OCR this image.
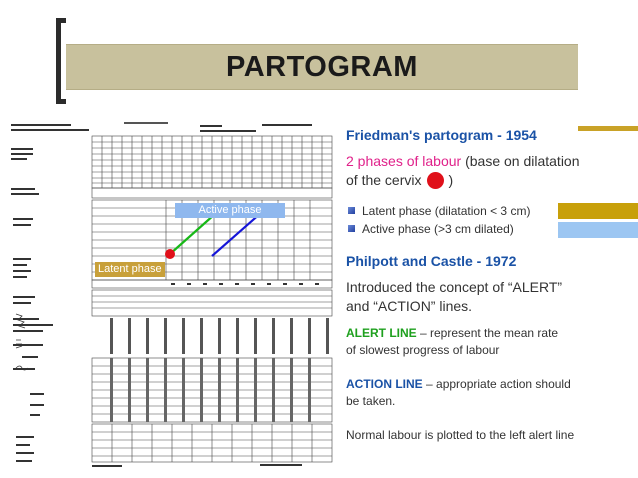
PARTOGRAM
Active phase
Latent phase
Friedman's partogram - 1954
2 phases of labour (base on dilatation
of the cervix )
Latent phase (dilatation < 3 cm)
Active phase (>3 cm dilated)
Philpott and Castle - 1972
Introduced the concept of “ALERT”
and “ACTION” lines.
ALERT LINE – represent the mean rate
of slowest progress of labour
ACTION LINE – appropriate action should
be taken.
Normal labour is plotted to the left alert line
